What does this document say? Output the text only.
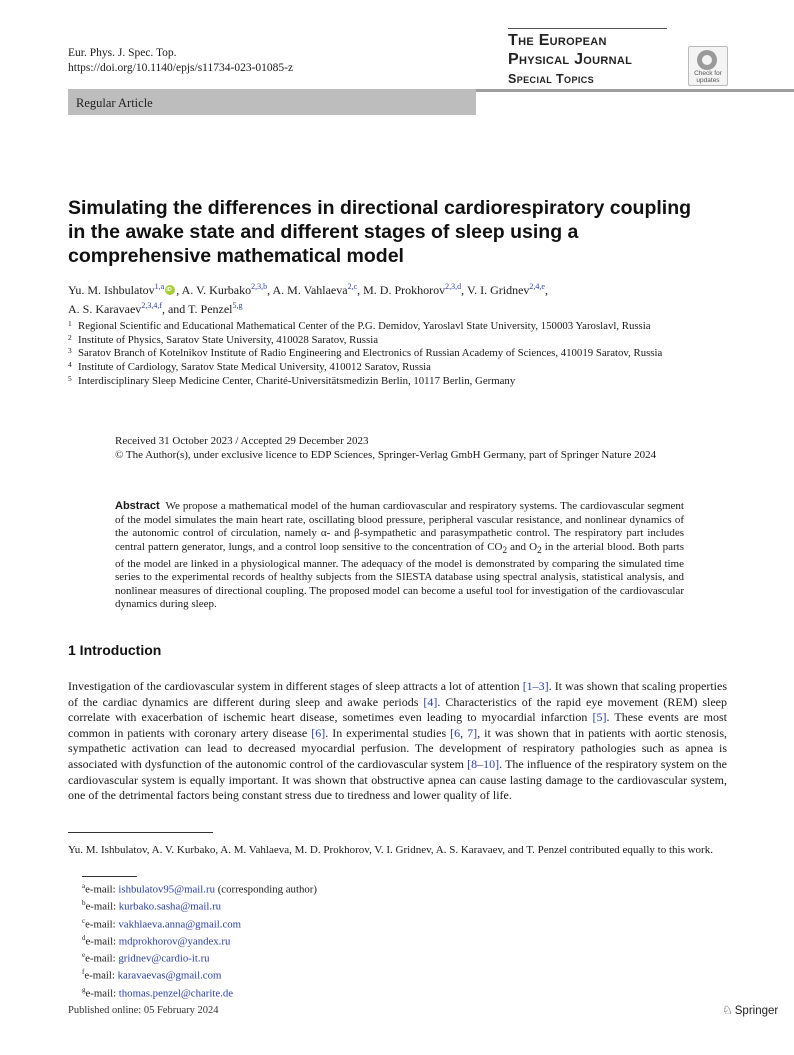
Eur. Phys. J. Spec. Top.
https://doi.org/10.1140/epjs/s11734-023-01085-z
The European
Physical Journal
Special Topics	Check for updates
Regular Article
Simulating the differences in directional cardiorespiratory coupling in the awake state and different stages of sleep using a comprehensive mathematical model
Yu. M. Ishbulatov$^{1,a}$iD , A. V. Kurbako$^{2,3,b}$, A. M. Vahlaeva$^{2,c}$, M. D. Prokhorov$^{2,3,d}$, V. I. Gridnev$^{2,4,e}$,
A. S. Karavaev$^{2,3,4,f}$, and T. Penzel$^{5,g}$
1 Regional Scientific and Educational Mathematical Center of the P.G. Demidov, Yaroslavl State University, 150003 Yaroslavl, Russia
2 Institute of Physics, Saratov State University, 410028 Saratov, Russia
3 Saratov Branch of Kotelnikov Institute of Radio Engineering and Electronics of Russian Academy of Sciences, 410019 Saratov, Russia
4 Institute of Cardiology, Saratov State Medical University, 410012 Saratov, Russia
5 Interdisciplinary Sleep Medicine Center, Charité-Universitätsmedizin Berlin, 10117 Berlin, Germany
Received 31 October 2023 / Accepted 29 December 2023
© The Author(s), under exclusive licence to EDP Sciences, Springer-Verlag GmbH Germany, part of Springer Nature 2024
Abstract We propose a mathematical model of the human cardiovascular and respiratory systems. The cardiovascular segment of the model simulates the main heart rate, oscillating blood pressure, peripheral vascular resistance, and nonlinear dynamics of the autonomic control of circulation, namely α- and β-sympathetic and parasympathetic control. The respiratory part includes central pattern generator, lungs, and a control loop sensitive to the concentration of $CO_2$ and $O_2$ in the arterial blood. Both parts of the model are linked in a physiological manner. The adequacy of the model is demonstrated by comparing the simulated time series to the experimental records of healthy subjects from the SIESTA database using spectral analysis, statistical analysis, and nonlinear measures of directional coupling. The proposed model can become a useful tool for investigation of the cardiovascular dynamics during sleep.
1 Introduction
Investigation of the cardiovascular system in different stages of sleep attracts a lot of attention [1–3]. It was shown that scaling properties of the cardiac dynamics are different during sleep and awake periods [4]. Characteristics of the rapid eye movement (REM) sleep correlate with exacerbation of ischemic heart disease, sometimes even leading to myocardial infarction [5]. These events are most common in patients with coronary artery disease [6]. In experimental studies [6, 7], it was shown that in patients with aortic stenosis, sympathetic activation can lead to decreased myocardial perfusion. The development of respiratory pathologies such as apnea is associated with dysfunction of the autonomic control of the cardiovascular system [8–10]. The influence of the respiratory system on the cardiovascular system is equally important. It was shown that obstructive apnea can cause lasting damage to the cardiovascular system, one of the detrimental factors being constant stress due to tiredness and lower quality of life.
Yu. M. Ishbulatov, A. V. Kurbako, A. M. Vahlaeva, M. D. Prokhorov, V. I. Gridnev, A. S. Karavaev, and T. Penzel contributed equally to this work.
$^a$e-mail: ishbulatov95@mail.ru (corresponding author)
$^b$e-mail: kurbako.sasha@mail.ru
$^c$e-mail: vakhlaeva.anna@gmail.com
$^d$e-mail: mdprokhorov@yandex.ru
$^e$e-mail: gridnev@cardio-it.ru
$^f$e-mail: karavaevas@gmail.com
$^g$e-mail: thomas.penzel@charite.de
Published online: 05 February 2024	♘ Springer
